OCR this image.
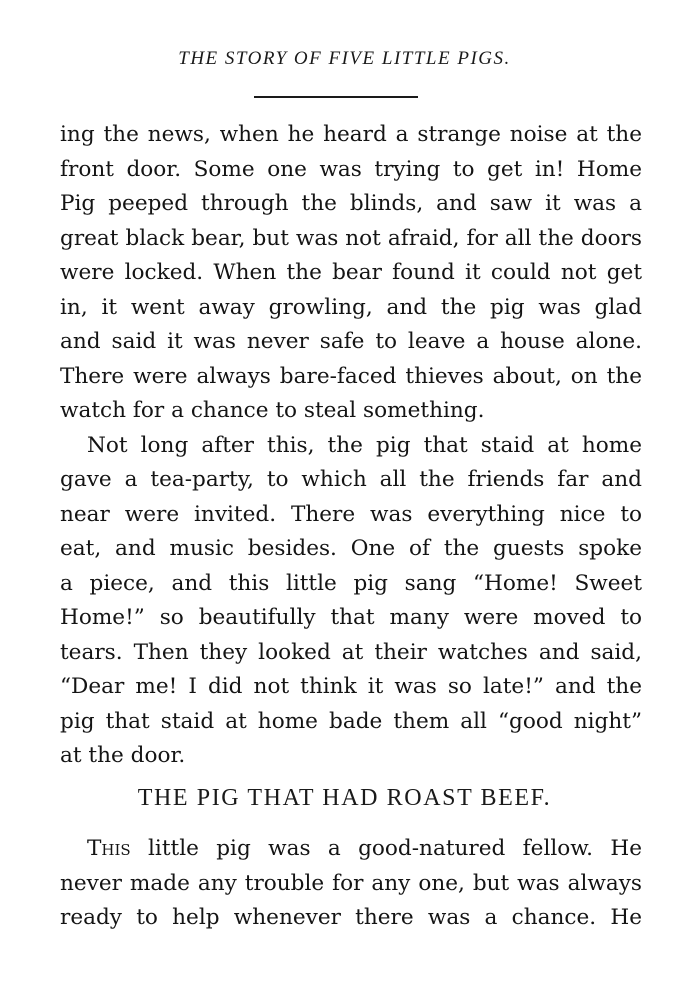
THE STORY OF FIVE LITTLE PIGS.
ing the news, when he heard a strange noise at the
front door. Some one was trying to get in! Home
Pig peeped through the blinds, and saw it was a
great black bear, but was not afraid, for all the doors
were locked. When the bear found it could not get
in, it went away growling, and the pig was glad
and said it was never safe to leave a house alone.
There were always bare-faced thieves about, on the
watch for a chance to steal something.
Not long after this, the pig that staid at home
gave a tea-party, to which all the friends far and
near were invited. There was everything nice to
eat, and music besides. One of the guests spoke
a piece, and this little pig sang “Home! Sweet
Home!” so beautifully that many were moved to
tears. Then they looked at their watches and said,
“Dear me! I did not think it was so late!” and the
pig that staid at home bade them all “good night”
at the door.
THE PIG THAT HAD ROAST BEEF.
This little pig was a good-natured fellow. He
never made any trouble for any one, but was always
ready to help whenever there was a chance. He
